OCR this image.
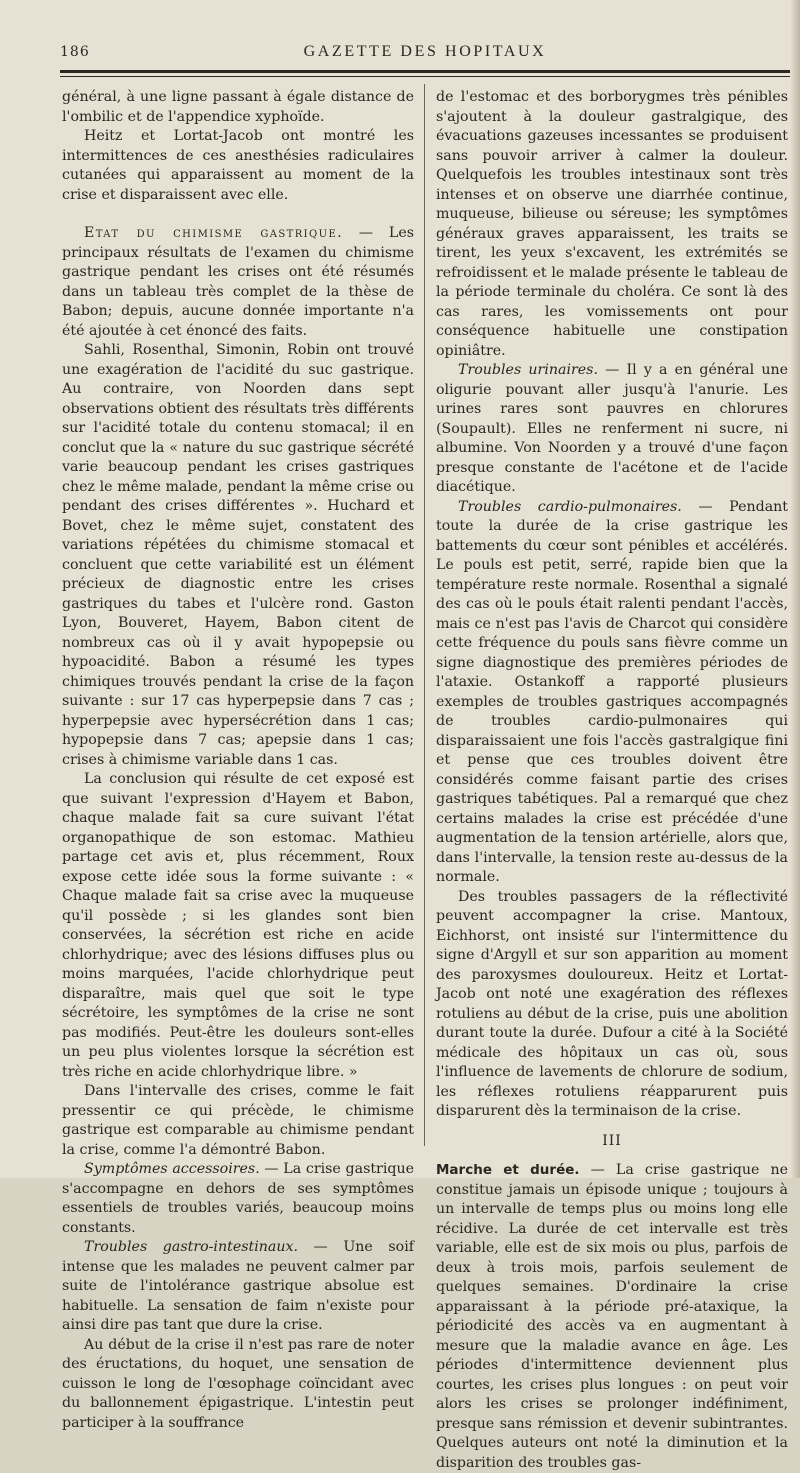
186	GAZETTE DES HOPITAUX

général, à une ligne passant à égale distance de l'ombilic et de l'appendice xyphoïde.

Heitz et Lortat-Jacob ont montré les intermittences de ces anesthésies radiculaires cutanées qui apparaissent au moment de la crise et disparaissent avec elle.

Etat du chimisme gastrique. — Les principaux résultats de l'examen du chimisme gastrique pendant les crises ont été résumés dans un tableau très complet de la thèse de Babon; depuis, aucune donnée importante n'a été ajoutée à cet énoncé des faits.

Sahli, Rosenthal, Simonin, Robin ont trouvé une exagération de l'acidité du suc gastrique. Au contraire, von Noorden dans sept observations obtient des résultats très différents sur l'acidité totale du contenu stomacal; il en conclut que la « nature du suc gastrique sécrété varie beaucoup pendant les crises gastriques chez le même malade, pendant la même crise ou pendant des crises différentes ». Huchard et Bovet, chez le même sujet, constatent des variations répétées du chimisme stomacal et concluent que cette variabilité est un élément précieux de diagnostic entre les crises gastriques du tabes et l'ulcère rond. Gaston Lyon, Bouveret, Hayem, Babon citent de nombreux cas où il y avait hypopepsie ou hypoacidité. Babon a résumé les types chimiques trouvés pendant la crise de la façon suivante : sur 17 cas hyperpepsie dans 7 cas ; hyperpepsie avec hypersécrétion dans 1 cas; hypopepsie dans 7 cas; apepsie dans 1 cas; crises à chimisme variable dans 1 cas.

La conclusion qui résulte de cet exposé est que suivant l'expression d'Hayem et Babon, chaque malade fait sa cure suivant l'état organopathique de son estomac. Mathieu partage cet avis et, plus récemment, Roux expose cette idée sous la forme suivante : « Chaque malade fait sa crise avec la muqueuse qu'il possède ; si les glandes sont bien conservées, la sécrétion est riche en acide chlorhydrique; avec des lésions diffuses plus ou moins marquées, l'acide chlorhydrique peut disparaître, mais quel que soit le type sécrétoire, les symptômes de la crise ne sont pas modifiés. Peut-être les douleurs sont-elles un peu plus violentes lorsque la sécrétion est très riche en acide chlorhydrique libre. »

Dans l'intervalle des crises, comme le fait pressentir ce qui précède, le chimisme gastrique est comparable au chimisme pendant la crise, comme l'a démontré Babon.

Symptômes accessoires. — La crise gastrique s'accompagne en dehors de ses symptômes essentiels de troubles variés, beaucoup moins constants.

Troubles gastro-intestinaux. — Une soif intense que les malades ne peuvent calmer par suite de l'intolérance gastrique absolue est habituelle. La sensation de faim n'existe pour ainsi dire pas tant que dure la crise.

Au début de la crise il n'est pas rare de noter des éructations, du hoquet, une sensation de cuisson le long de l'œsophage coïncidant avec du ballonnement épigastrique. L'intestin peut participer à la souffrance

de l'estomac et des borborygmes très pénibles s'ajoutent à la douleur gastralgique, des évacuations gazeuses incessantes se produisent sans pouvoir arriver à calmer la douleur. Quelquefois les troubles intestinaux sont très intenses et on observe une diarrhée continue, muqueuse, bilieuse ou séreuse; les symptômes généraux graves apparaissent, les traits se tirent, les yeux s'excavent, les extrémités se refroidissent et le malade présente le tableau de la période terminale du choléra. Ce sont là des cas rares, les vomissements ont pour conséquence habituelle une constipation opiniâtre.

Troubles urinaires. — Il y a en général une oligurie pouvant aller jusqu'à l'anurie. Les urines rares sont pauvres en chlorures (Soupault). Elles ne renferment ni sucre, ni albumine. Von Noorden y a trouvé d'une façon presque constante de l'acétone et de l'acide diacétique.

Troubles cardio-pulmonaires. — Pendant toute la durée de la crise gastrique les battements du cœur sont pénibles et accélérés. Le pouls est petit, serré, rapide bien que la température reste normale. Rosenthal a signalé des cas où le pouls était ralenti pendant l'accès, mais ce n'est pas l'avis de Charcot qui considère cette fréquence du pouls sans fièvre comme un signe diagnostique des premières périodes de l'ataxie. Ostankoff a rapporté plusieurs exemples de troubles gastriques accompagnés de troubles cardio-pulmonaires qui disparaissaient une fois l'accès gastralgique fini et pense que ces troubles doivent être considérés comme faisant partie des crises gastriques tabétiques. Pal a remarqué que chez certains malades la crise est précédée d'une augmentation de la tension artérielle, alors que, dans l'intervalle, la tension reste au-dessus de la normale.

Des troubles passagers de la réflectivité peuvent accompagner la crise. Mantoux, Eichhorst, ont insisté sur l'intermittence du signe d'Argyll et sur son apparition au moment des paroxysmes douloureux. Heitz et Lortat-Jacob ont noté une exagération des réflexes rotuliens au début de la crise, puis une abolition durant toute la durée. Dufour a cité à la Société médicale des hôpitaux un cas où, sous l'influence de lavements de chlorure de sodium, les réflexes rotuliens réapparurent puis disparurent dès la terminaison de la crise.

III

Marche et durée. — La crise gastrique ne constitue jamais un épisode unique ; toujours à un intervalle de temps plus ou moins long elle récidive. La durée de cet intervalle est très variable, elle est de six mois ou plus, parfois de deux à trois mois, parfois seulement de quelques semaines. D'ordinaire la crise apparaissant à la période pré-ataxique, la périodicité des accès va en augmentant à mesure que la maladie avance en âge. Les périodes d'intermittence deviennent plus courtes, les crises plus longues : on peut voir alors les crises se prolonger indéfiniment, presque sans rémission et devenir subintrantes. Quelques auteurs ont noté la diminution et la disparition des troubles gas-
